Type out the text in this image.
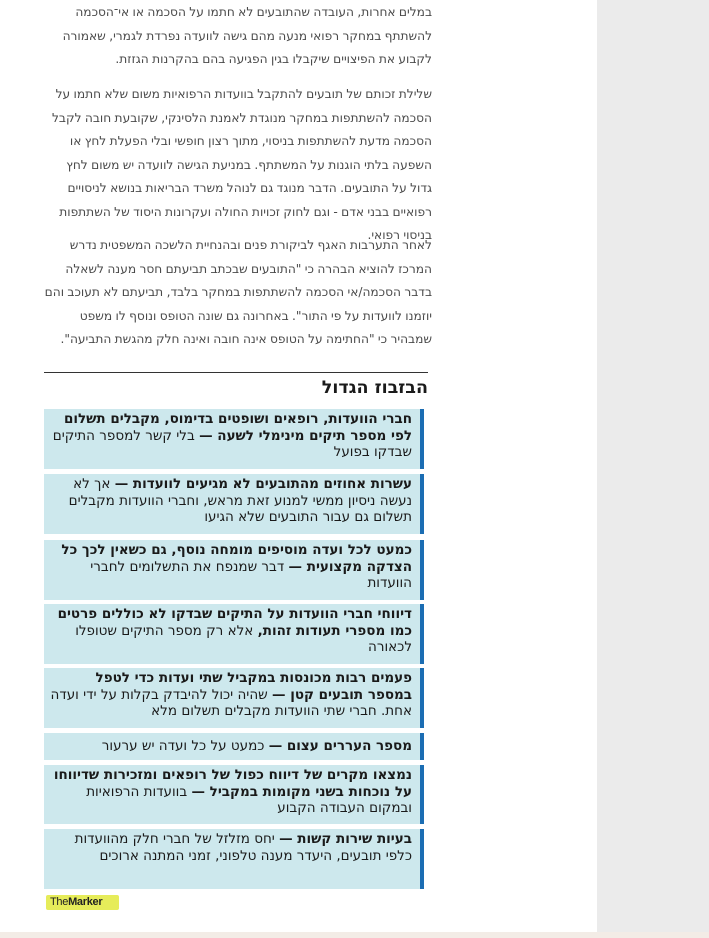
במלים אחרות, העובדה שהתובעים לא חתמו על הסכמה או אי־הסכמה להשתתף במחקר רפואי מנעה מהם גישה לוועדה נפרדת לגמרי, שאמורה לקבוע את הפיצויים שיקבלו בגין הפגיעה בהם בהקרנות הגזזת.
שלילת זכותם של תובעים להתקבל בוועדות הרפואיות משום שלא חתמו על הסכמה להשתתפות במחקר מנוגדת לאמנת הלסינקי, שקובעת חובה לקבל הסכמה מדעת להשתתפות בניסוי, מתוך רצון חופשי ובלי הפעלת לחץ או השפעה בלתי הוגנות על המשתתף. במניעת הגישה לוועדה יש משום לחץ גדול על התובעים. הדבר מנוגד גם לנוהל משרד הבריאות בנושא לניסויים רפואיים בבני אדם - וגם לחוק זכויות החולה ועקרונות היסוד של השתתפות בניסוי רפואי.
לאחר התערבות האגף לביקורת פנים ובהנחיית הלשכה המשפטית נדרש המרכז להוציא הבהרה כי "התובעים שבכתב תביעתם חסר מענה לשאלה בדבר הסכמה/אי הסכמה להשתתפות במחקר בלבד, תביעתם לא תעוכב והם יוזמנו לוועדות על פי התור". באחרונה גם שונה הטופס ונוסף לו משפט שמבהיר כי "החתימה על הטופס אינה חובה ואינה חלק מהגשת התביעה".
הבזבוז הגדול
חברי הוועדות, רופאים ושופטים בדימוס, מקבלים תשלום לפי מספר תיקים מינימלי לשעה — בלי קשר למספר התיקים שבדקו בפועל
עשרות אחוזים מהתובעים לא מגיעים לוועדות — אך לא נעשה ניסיון ממשי למנוע זאת מראש, וחברי הוועדות מקבלים תשלום גם עבור התובעים שלא הגיעו
כמעט לכל ועדה מוסיפים מומחה נוסף, גם כשאין לכך כל הצדקה מקצועית — דבר שמנפח את התשלומים לחברי הוועדות
דיווחי חברי הוועדות על התיקים שבדקו לא כוללים פרטים כמו מספרי תעודות זהות, אלא רק מספר התיקים שטופלו לכאורה
פעמים רבות מכונסות במקביל שתי ועדות כדי לטפל במספר תובעים קטן — שהיה יכול להיבדק בקלות על ידי ועדה אחת. חברי שתי הוועדות מקבלים תשלום מלא
מספר העררים עצום — כמעט על כל ועדה יש ערעור
נמצאו מקרים של דיווח כפול של רופאים ומזכירות שדיווחו על נוכחות בשני מקומות במקביל — בוועדות הרפואיות ובמקום העבודה הקבוע
בעיות שירות קשות — יחס מזלזל של חברי חלק מהוועדות כלפי תובעים, היעדר מענה טלפוני, זמני המתנה ארוכים
TheMarker
